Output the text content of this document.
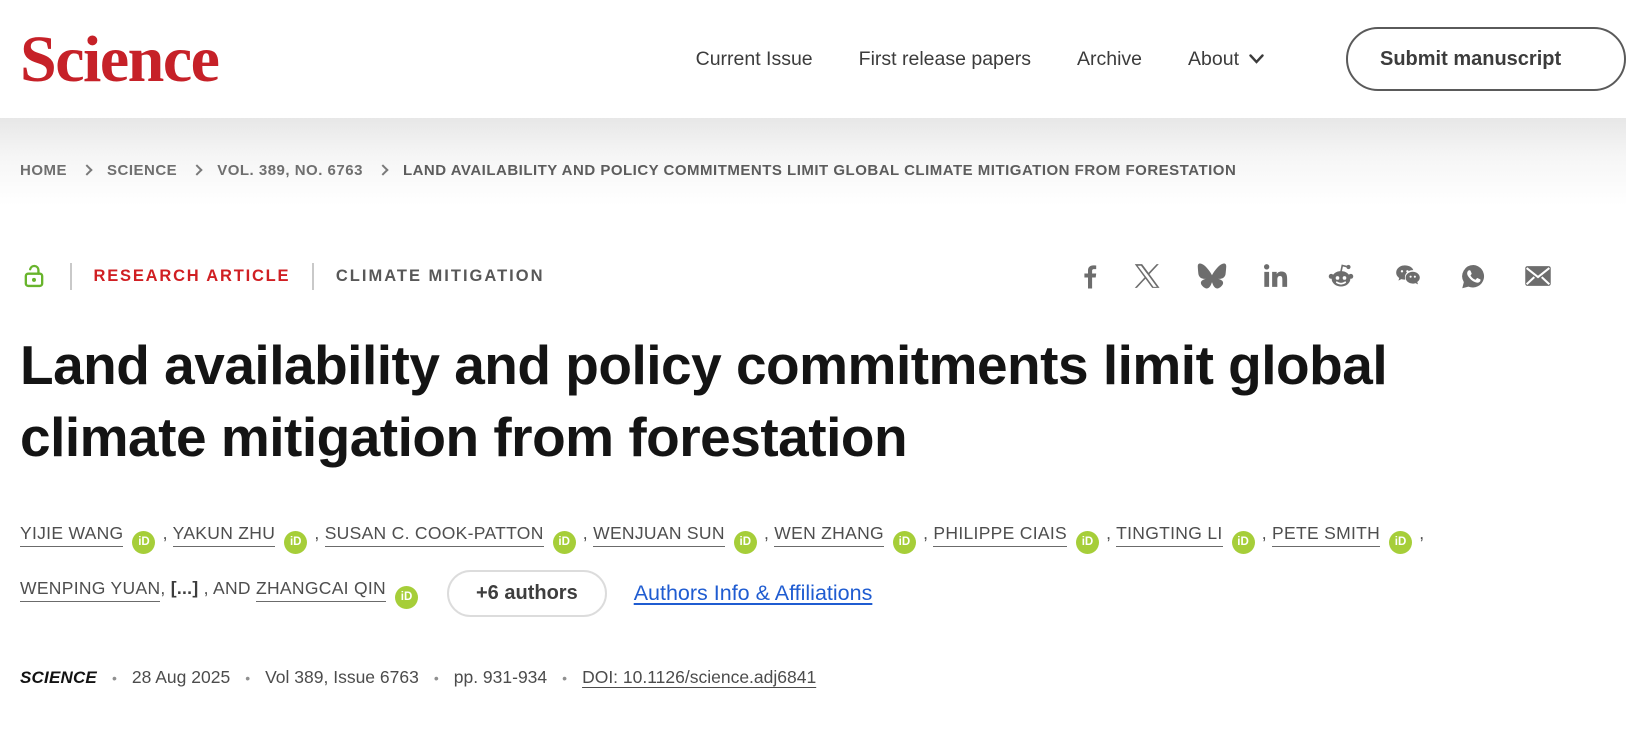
Science	Current Issue First release papers Archive About	Submit manuscript
HOME	SCIENCE	VOL. 389, NO. 6763	LAND AVAILABILITY AND POLICY COMMITMENTS LIMIT GLOBAL CLIMATE MITIGATION FROM FORESTATION
RESEARCH ARTICLE	CLIMATE MITIGATION
Land availability and policy commitments limit global
climate mitigation from forestation
YIJIE WANG iD , YAKUN ZHU iD , SUSAN C. COOK-PATTON iD , WENJUAN SUN iD , WEN ZHANG iD , PHILIPPE CIAIS iD , TINGTING LI iD , PETE SMITH iD ,
WENPING YUAN, [...] , AND ZHANGCAI QIN iD	+6 authors	Authors Info & Affiliations
SCIENCE • 28 Aug 2025 • Vol 389, Issue 6763 • pp. 931-934 • DOI: 10.1126/science.adj6841
